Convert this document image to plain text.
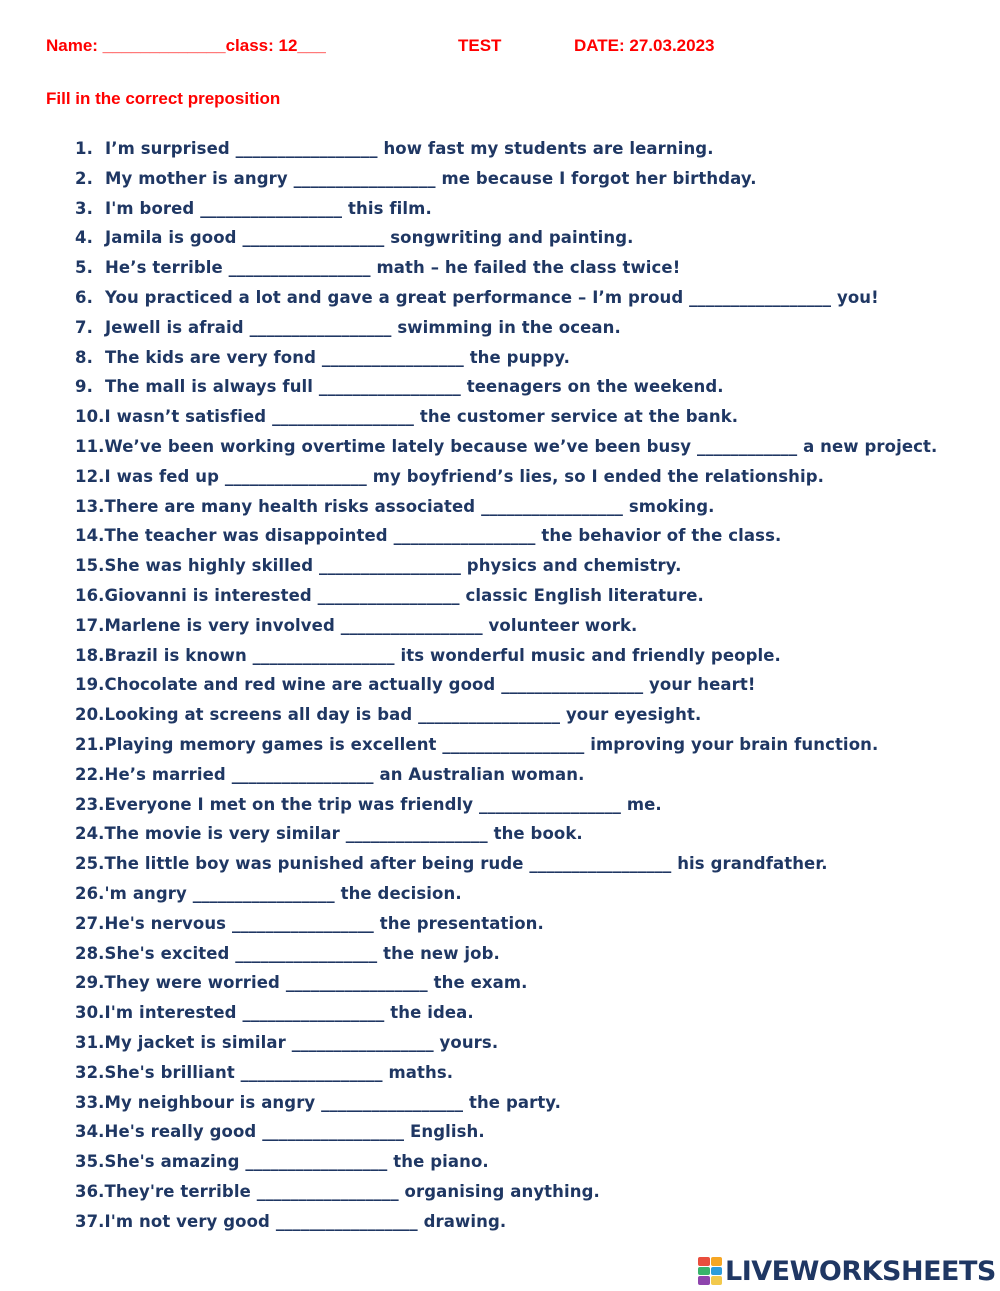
Name: _____________class: 12___	TEST	DATE: 27.03.2023
Fill in the correct preposition
1. I’m surprised _________________ how fast my students are learning.
2. My mother is angry _________________ me because I forgot her birthday.
3. I'm bored _________________ this film.
4. Jamila is good _________________ songwriting and painting.
5. He’s terrible _________________ math – he failed the class twice!
6. You practiced a lot and gave a great performance – I’m proud _________________ you!
7. Jewell is afraid _________________ swimming in the ocean.
8. The kids are very fond _________________ the puppy.
9. The mall is always full _________________ teenagers on the weekend.
10.I wasn’t satisfied _________________ the customer service at the bank.
11.We’ve been working overtime lately because we’ve been busy ____________ a new project.
12.I was fed up _________________ my boyfriend’s lies, so I ended the relationship.
13.There are many health risks associated _________________ smoking.
14.The teacher was disappointed _________________ the behavior of the class.
15.She was highly skilled _________________ physics and chemistry.
16.Giovanni is interested _________________ classic English literature.
17.Marlene is very involved _________________ volunteer work.
18.Brazil is known _________________ its wonderful music and friendly people.
19.Chocolate and red wine are actually good _________________ your heart!
20.Looking at screens all day is bad _________________ your eyesight.
21.Playing memory games is excellent _________________ improving your brain function.
22.He’s married _________________ an Australian woman.
23.Everyone I met on the trip was friendly _________________ me.
24.The movie is very similar _________________ the book.
25.The little boy was punished after being rude _________________ his grandfather.
26.'m angry _________________ the decision.
27.He's nervous _________________ the presentation.
28.She's excited _________________ the new job.
29.They were worried _________________ the exam.
30.I'm interested _________________ the idea.
31.My jacket is similar _________________ yours.
32.She's brilliant _________________ maths.
33.My neighbour is angry _________________ the party.
34.He's really good _________________ English.
35.She's amazing _________________ the piano.
36.They're terrible _________________ organising anything.
37.I'm not very good _________________ drawing.
LIVEWORKSHEETS
